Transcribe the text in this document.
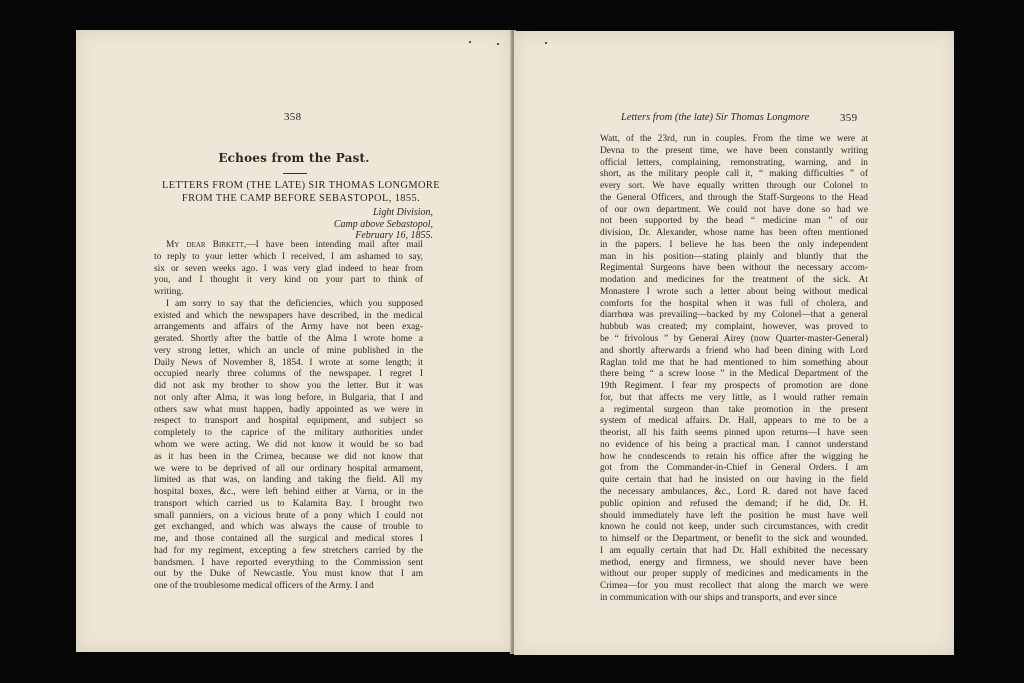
358
Echoes from the Past.
LETTERS FROM (THE LATE) SIR THOMAS LONGMORE
FROM THE CAMP BEFORE SEBASTOPOL, 1855.
Light Division,
Camp above Sebastopol,
February 16, 1855.
My dear Birkett,—I have been intending mail after mail
to reply to your letter which I received, I am ashamed to say,
six or seven weeks ago. I was very glad indeed to hear from
you, and I thought it very kind on your part to think of
writing.
I am sorry to say that the deficiencies, which you supposed
existed and which the newspapers have described, in the medical
arrangements and affairs of the Army have not been exag-
gerated. Shortly after the battle of the Alma I wrote home a
very strong letter, which an uncle of mine published in the
Daily News of November 8, 1854. I wrote at some length; it
occupied nearly three columns of the newspaper. I regret I
did not ask my brother to show you the letter. But it was
not only after Alma, it was long before, in Bulgaria, that I and
others saw what must happen, badly appointed as we were in
respect to transport and hospital equipment, and subject so
completely to the caprice of the military authorities under
whom we were acting. We did not know it would be so bad
as it has been in the Crimea, because we did not know that
we were to be deprived of all our ordinary hospital armament,
limited as that was, on landing and taking the field. All my
hospital boxes, &c., were left behind either at Varna, or in the
transport which carried us to Kalamita Bay. I brought two
small panniers, on a vicious brute of a pony which I could not
get exchanged, and which was always the cause of trouble to
me, and those contained all the surgical and medical stores I
had for my regiment, excepting a few stretchers carried by the
bandsmen. I have reported everything to the Commission sent
out by the Duke of Newcastle. You must know that I am
one of the troublesome medical officers of the Army. I and
Letters from (the late) Sir Thomas Longmore	359
Watt, of the 23rd, run in couples. From the time we were at
Devna to the present time, we have been constantly writing
official letters, complaining, remonstrating, warning, and in
short, as the military people call it, “ making difficulties ” of
every sort. We have equally written through our Colonel to
the General Officers, and through the Staff-Surgeons to the Head
of our own department. We could not have done so had we
not been supported by the head “ medicine man ” of our
division, Dr. Alexander, whose name has been often mentioned
in the papers. I believe he has been the only independent
man in his position—stating plainly and bluntly that the
Regimental Surgeons have been without the necessary accom-
modation and medicines for the treatment of the sick. At
Monastere I wrote such a letter about being without medical
comforts for the hospital when it was full of cholera, and
diarrhœa was prevailing—backed by my Colonel—that a general
hubbub was created; my complaint, however, was proved to
be “ frivolous ” by General Airey (now Quarter-master-General)
and shortly afterwards a friend who had been dining with Lord
Raglan told me that he had mentioned to him something about
there being “ a screw loose ” in the Medical Department of the
19th Regiment. I fear my prospects of promotion are done
for, but that affects me very little, as I would rather remain
a regimental surgeon than take promotion in the present
system of medical affairs. Dr. Hall, appears to me to be a
theorist, all his faith seems pinned upon returns—I have seen
no evidence of his being a practical man. I cannot understand
how he condescends to retain his office after the wigging he
got from the Commander-in-Chief in General Orders. I am
quite certain that had he insisted on our having in the field
the necessary ambulances, &c., Lord R. dared not have faced
public opinion and refused the demand; if he did, Dr. H.
should immediately have left the position he must have well
known he could not keep, under such circumstances, with credit
to himself or the Department, or benefit to the sick and wounded.
I am equally certain that had Dr. Hall exhibited the necessary
method, energy and firmness, we should never have been
without our proper supply of medicines and medicaments in the
Crimea—for you must recollect that along the march we were
in communication with our ships and transports, and ever since
